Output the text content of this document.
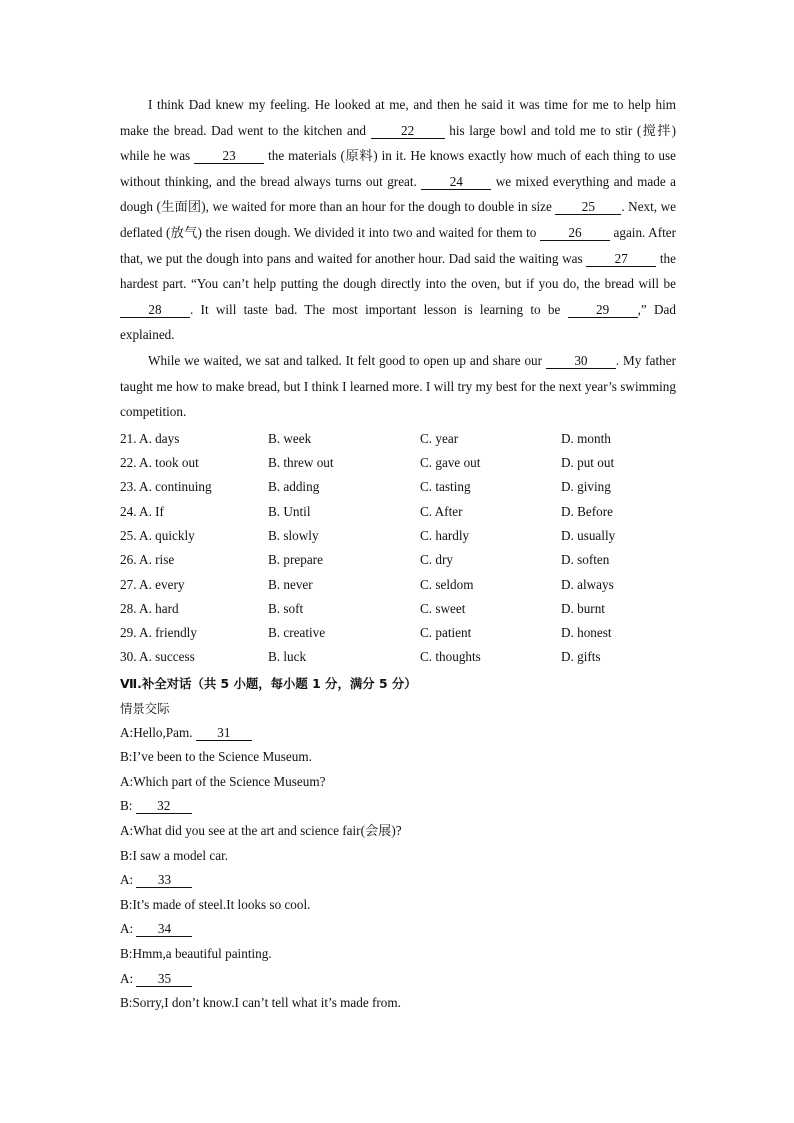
I think Dad knew my feeling. He looked at me, and then he said it was time for me to help him make the bread. Dad went to the kitchen and 22 his large bowl and told me to stir (搅拌) while he was 23 the materials (原料) in it. He knows exactly how much of each thing to use without thinking, and the bread always turns out great. 24 we mixed everything and made a dough (生面团), we waited for more than an hour for the dough to double in size 25 . Next, we deflated (放气) the risen dough. We divided it into two and waited for them to 26 again. After that, we put the dough into pans and waited for another hour. Dad said the waiting was 27 the hardest part. “You can’t help putting the dough directly into the oven, but if you do, the bread will be 28 . It will taste bad. The most important lesson is learning to be 29 ,” Dad explained.

While we waited, we sat and talked. It felt good to open up and share our 30 . My father taught me how to make bread, but I think I learned more. I will try my best for the next year’s swimming competition.

21. A. days	B. week	C. year	D. month
22. A. took out	B. threw out	C. gave out	D. put out
23. A. continuing	B. adding	C. tasting	D. giving
24. A. If	B. Until	C. After	D. Before
25. A. quickly	B. slowly	C. hardly	D. usually
26. A. rise	B. prepare	C. dry	D. soften
27. A. every	B. never	C. seldom	D. always
28. A. hard	B. soft	C. sweet	D. burnt
29. A. friendly	B. creative	C. patient	D. honest
30. A. success	B. luck	C. thoughts	D. gifts
Ⅶ.补全对话（共 5 小题，每小题 1 分，满分 5 分）
情景交际
A:Hello,Pam. 31
B:I’ve been to the Science Museum.
A:Which part of the Science Museum?
B: 32
A:What did you see at the art and science fair(会展)?
B:I saw a model car.
A: 33
B:It’s made of steel.It looks so cool.
A: 34
B:Hmm,a beautiful painting.
A: 35
B:Sorry,I don’t know.I can’t tell what it’s made from.
